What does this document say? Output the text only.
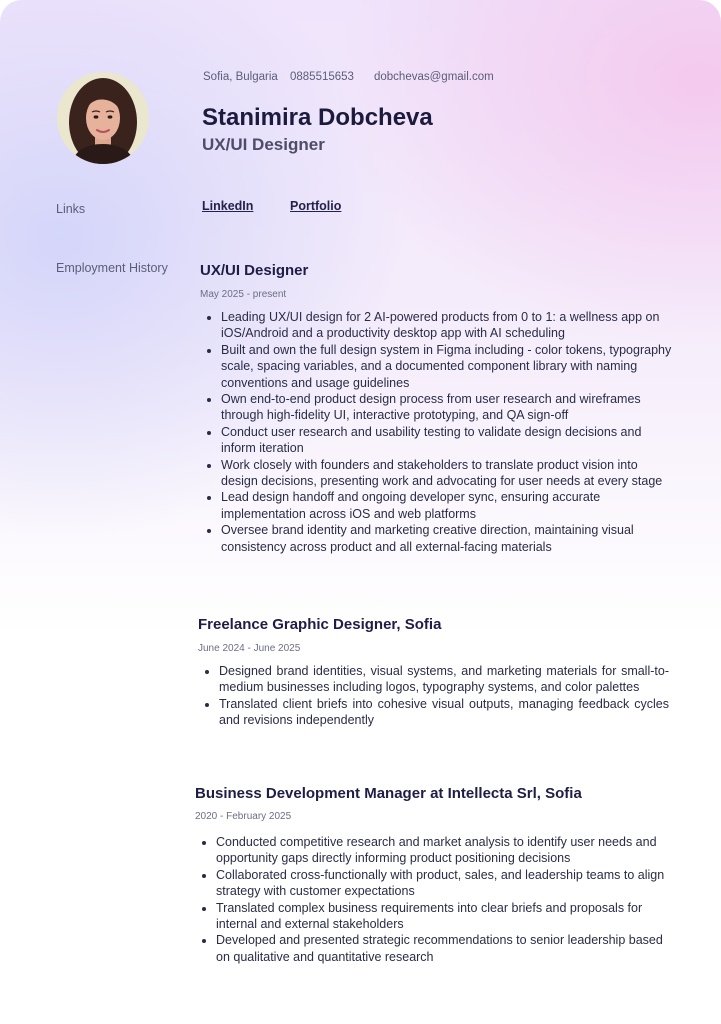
Sofia, Bulgaria 0885515653 dobchevas@gmail.com
Stanimira Dobcheva
UX/UI Designer
Links	LinkedIn	Portfolio
Employment History UX/UI Designer
May 2025 - present
• Leading UX/UI design for 2 AI-powered products from 0 to 1: a wellness app on iOS/Android and a productivity desktop app with AI scheduling
• Built and own the full design system in Figma including - color tokens, typography scale, spacing variables, and a documented component library with naming conventions and usage guidelines
• Own end-to-end product design process from user research and wireframes through high-fidelity UI, interactive prototyping, and QA sign-off
• Conduct user research and usability testing to validate design decisions and inform iteration
• Work closely with founders and stakeholders to translate product vision into design decisions, presenting work and advocating for user needs at every stage
• Lead design handoff and ongoing developer sync, ensuring accurate implementation across iOS and web platforms
• Oversee brand identity and marketing creative direction, maintaining visual consistency across product and all external-facing materials
Freelance Graphic Designer, Sofia
June 2024 - June 2025
• Designed brand identities, visual systems, and marketing materials for small-to-medium businesses including logos, typography systems, and color palettes
• Translated client briefs into cohesive visual outputs, managing feedback cycles and revisions independently
Business Development Manager at Intellecta Srl, Sofia
2020 - February 2025
• Conducted competitive research and market analysis to identify user needs and opportunity gaps directly informing product positioning decisions
• Collaborated cross-functionally with product, sales, and leadership teams to align strategy with customer expectations
• Translated complex business requirements into clear briefs and proposals for internal and external stakeholders
• Developed and presented strategic recommendations to senior leadership based on qualitative and quantitative research
